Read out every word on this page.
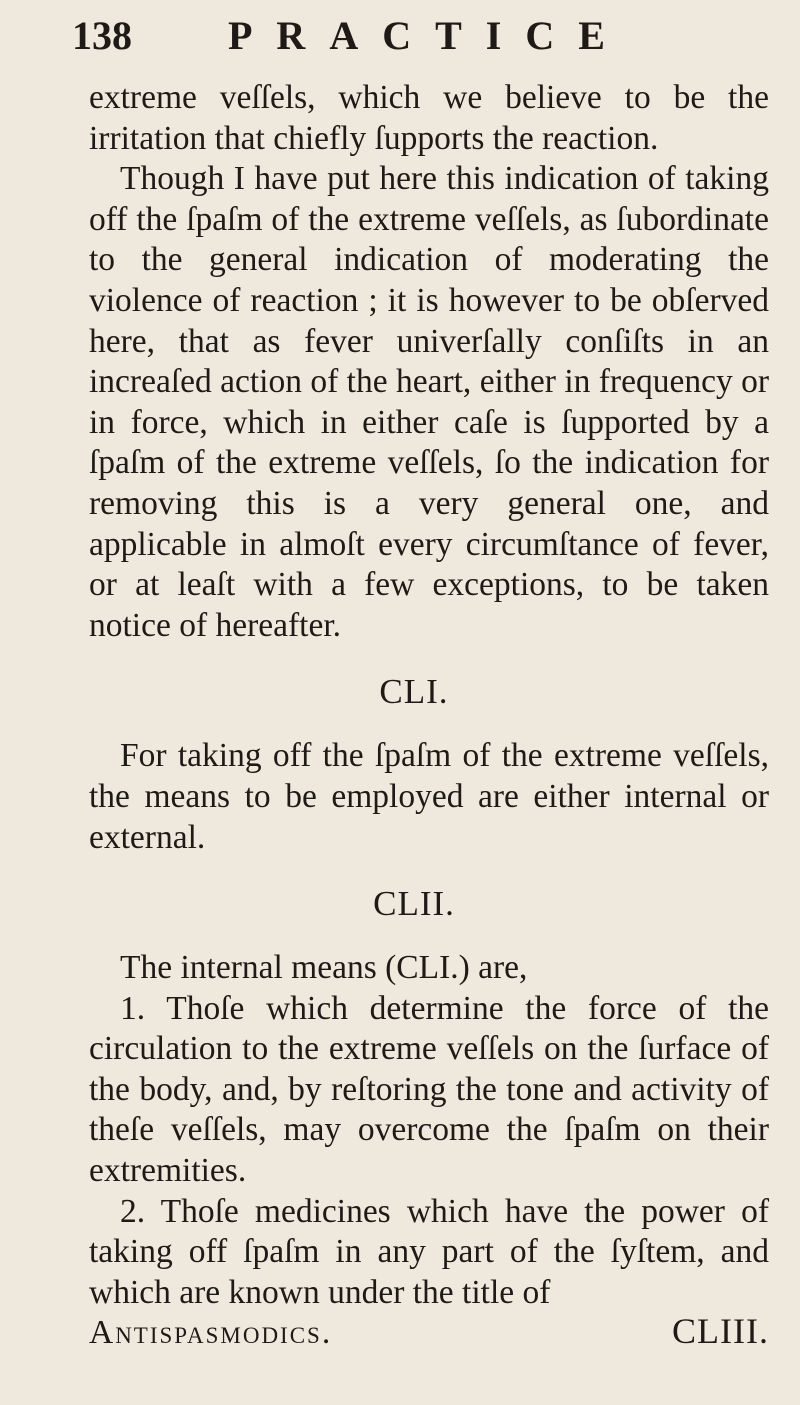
138 PRACTICE

extreme veſſels, which we believe to be the irritation that chiefly ſupports the reaction.

Though I have put here this indication of taking off the ſpaſm of the extreme veſſels, as ſubordinate to the general indication of moderating the violence of reaction ; it is however to be obſerved here, that as fever univerſally conſiſts in an increaſed action of the heart, either in frequency or in force, which in either caſe is ſupported by a ſpaſm of the extreme veſſels, ſo the indication for removing this is a very general one, and applicable in almoſt every circumſtance of fever, or at leaſt with a few exceptions, to be taken notice of hereafter.

CLI.

For taking off the ſpaſm of the extreme veſſels, the means to be employed are either internal or external.

CLII.

The internal means (CLI.) are,

1. Thoſe which determine the force of the circulation to the extreme veſſels on the ſurface of the body, and, by reſtoring the tone and activity of theſe veſſels, may overcome the ſpaſm on their extremities.

2. Thoſe medicines which have the power of taking off ſpaſm in any part of the ſyſtem, and which are known under the title of

Antispasmodics.	CLIII.
